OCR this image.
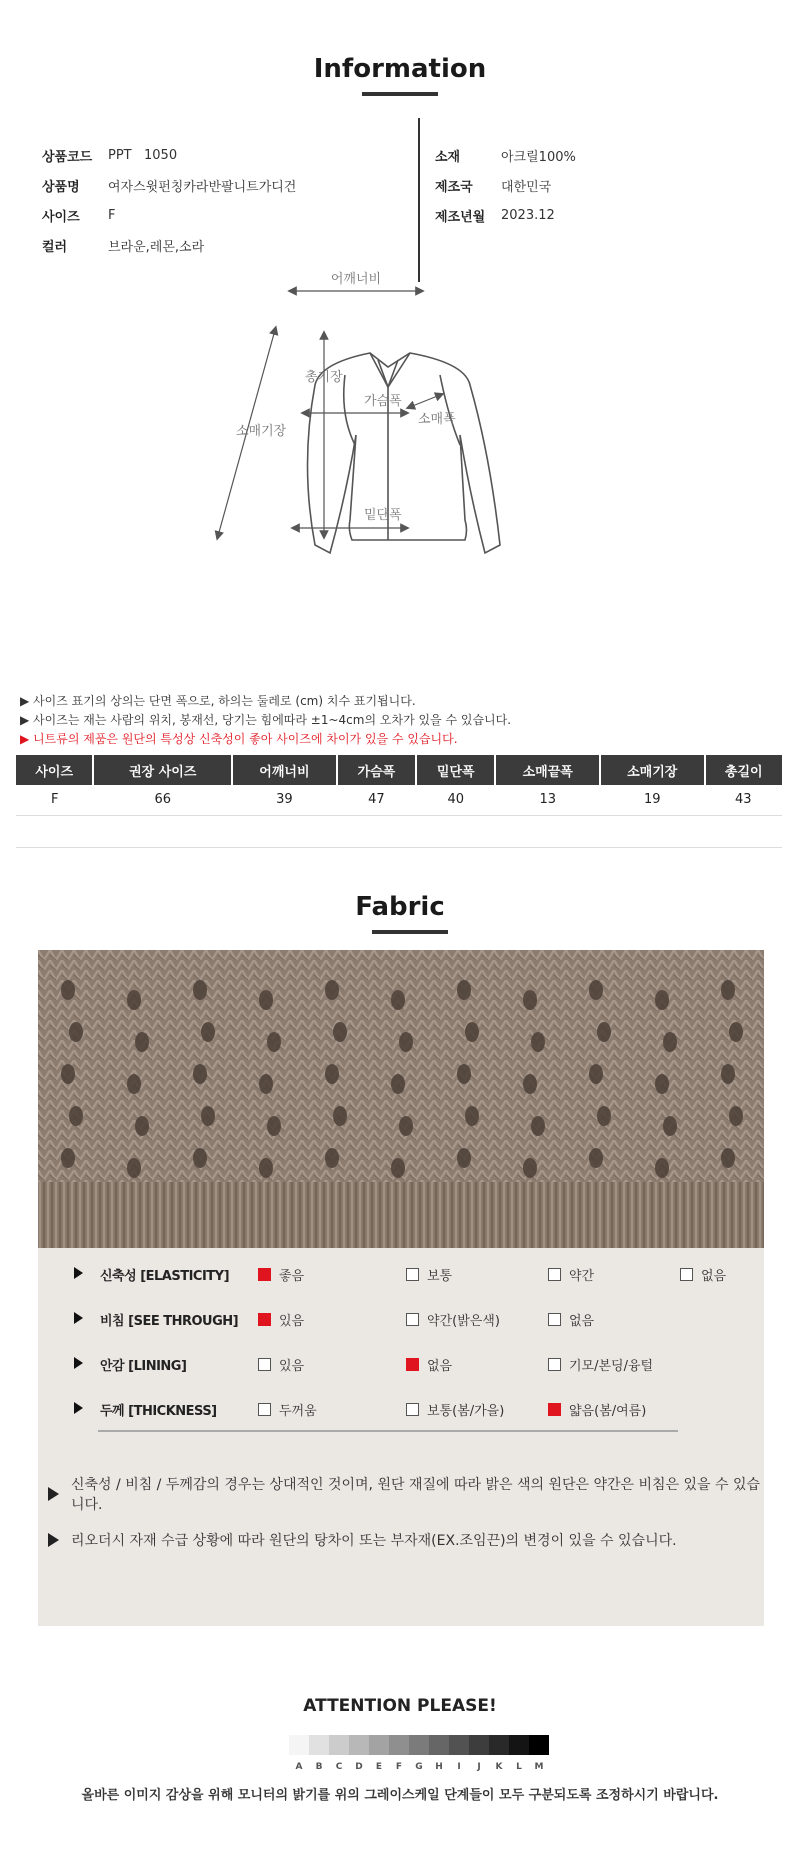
Information
상품코드	PPT   1050
상품명	여자스윗펀칭카라반팔니트가디건
사이즈	F
컬러	브라운,레몬,소라
소재	아크릴100%
제조국	대한민국
제조년월	2023.12
어깨너비
총기장
가슴폭
소매폭
소매기장
밑단폭
▶ 사이즈 표기의 상의는 단면 폭으로, 하의는 둘레로 (cm) 치수 표기됩니다.
▶ 사이즈는 재는 사람의 위치, 봉재선, 당기는 힘에따라 ±1~4cm의 오차가 있을 수 있습니다.
▶ 니트류의 제품은 원단의 특성상 신축성이 좋아 사이즈에 차이가 있을 수 있습니다.
사이즈	권장 사이즈	어깨너비	가슴폭	밑단폭	소매끝폭	소매기장	총길이
F	66	39	47	40	13	19	43
Fabric
신축성 [ELASTICITY]	좋음	보통	약간	없음
비침 [SEE THROUGH]	있음	약간(밝은색)	없음
안감 [LINING]	있음	없음	기모/본딩/융털
두께 [THICKNESS]	두꺼움	보통(봄/가을)	얇음(봄/여름)
신축성 / 비침 / 두께감의 경우는 상대적인 것이며, 원단 재질에 따라 밝은 색의 원단은 약간은 비침은 있을 수 있습니다.
리오더시 자재 수급 상황에 따라 원단의 탕차이 또는 부자재(EX.조임끈)의 변경이 있을 수 있습니다.
ATTENTION PLEASE!
A	B	C	D	E	F	G	H	I	J	K	L	M
올바른 이미지 감상을 위해 모니터의 밝기를 위의 그레이스케일 단계들이 모두 구분되도록 조정하시기 바랍니다.
